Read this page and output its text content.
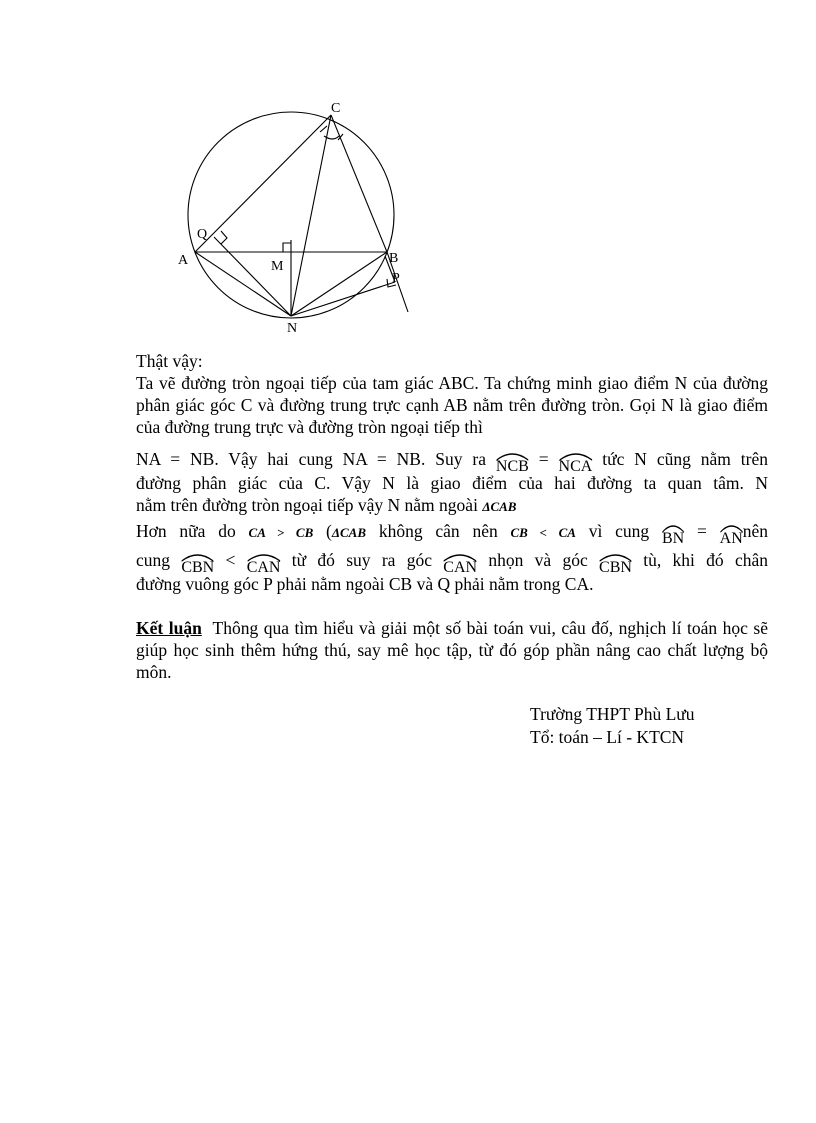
C
A	B
M
N
Q
P
Thật vậy:
Ta vẽ đường tròn ngoại tiếp của tam giác ABC. Ta chứng minh giao điểm N của đường phân giác góc C và đường trung trực cạnh AB nằm trên đường tròn. Gọi N là giao điểm của đường trung trực và đường tròn ngoại tiếp thì
NA = NB. Vậy hai cung NA = NB. Suy ra NCB = NCA tức N cũng nằm trên
đường phân giác của C. Vậy N là giao điểm của hai đường ta quan tâm. N
nằm trên đường tròn ngoại tiếp vậy N nằm ngoài ΔCAB
Hơn nữa do CA > CB (ΔCAB không cân nên CB < CA vì cung BN = ANnên
cung CBN < CAN từ đó suy ra góc CAN nhọn và góc CBN tù, khi đó chân
đường vuông góc P phải nằm ngoài CB và Q phải nằm trong CA.
Kết luận Thông qua tìm hiểu và giải một số bài toán vui, câu đố, nghịch lí toán học sẽ giúp học sinh thêm hứng thú, say mê học tập, từ đó góp phần nâng cao chất lượng bộ môn.
Trường THPT Phù Lưu
Tổ: toán – Lí - KTCN
